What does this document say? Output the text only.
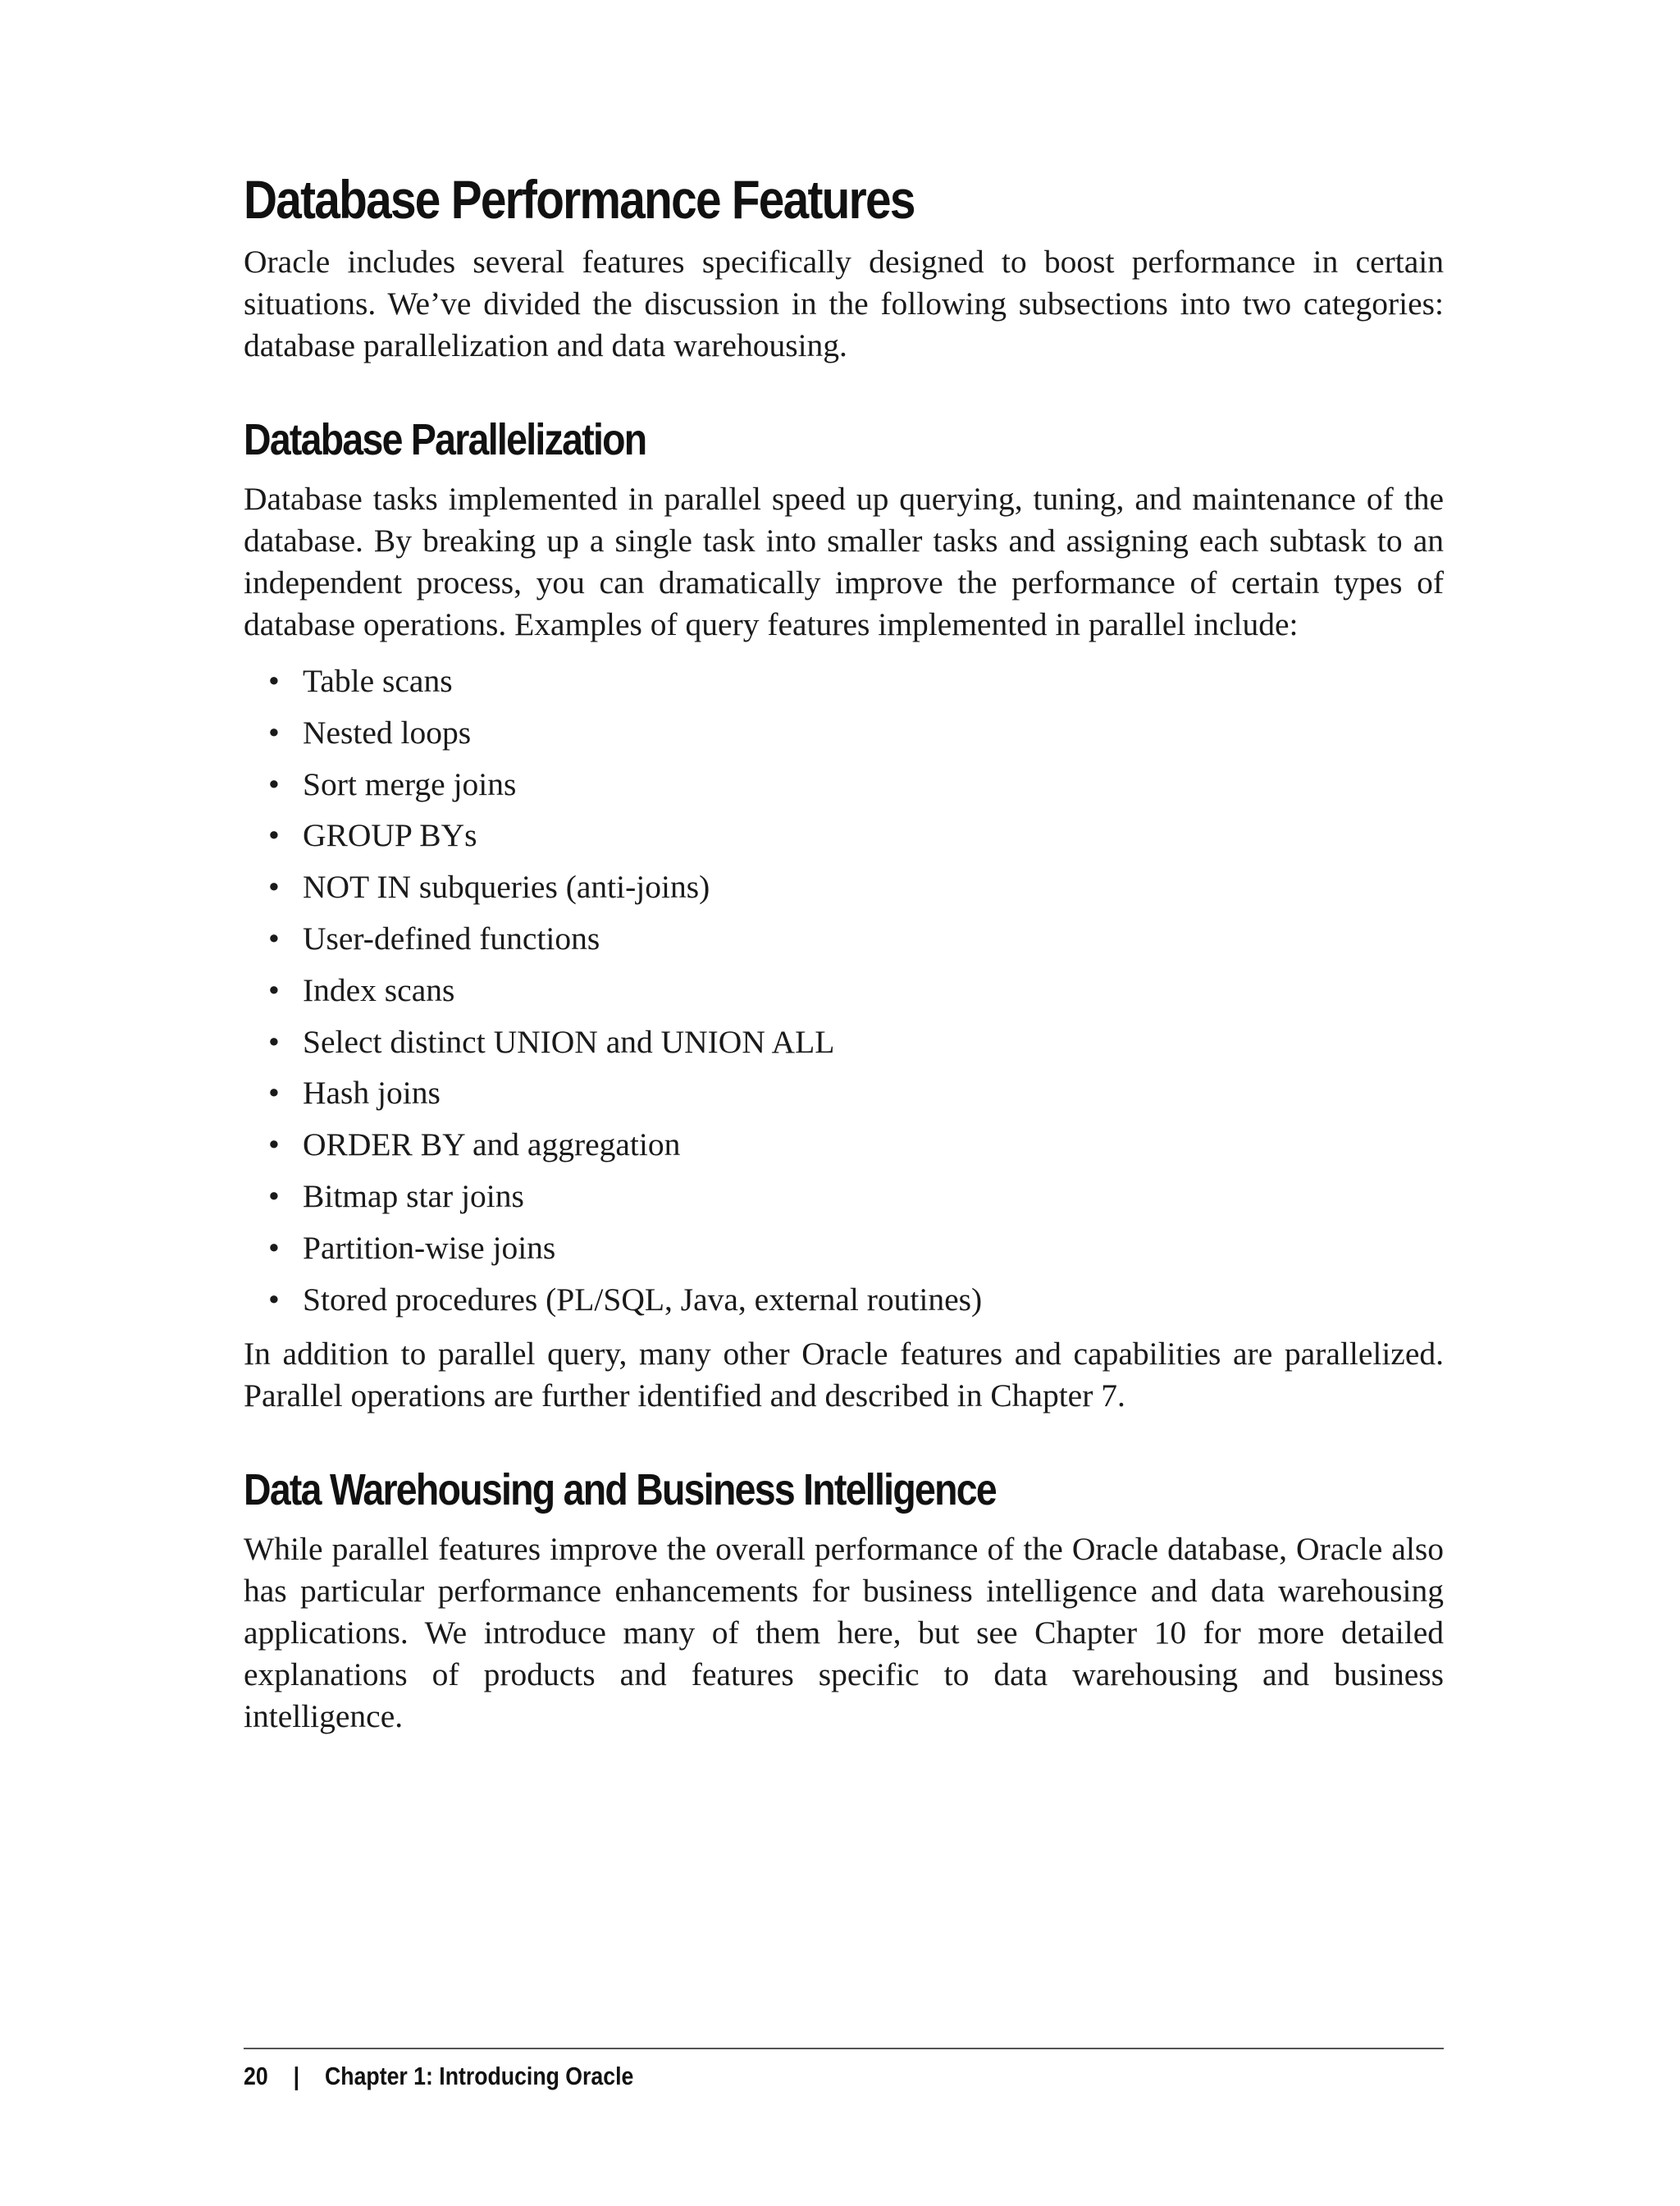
Database Performance Features

Oracle includes several features specifically designed to boost performance in certain situations. We’ve divided the discussion in the following subsections into two categories: database parallelization and data warehousing.

Database Parallelization

Database tasks implemented in parallel speed up querying, tuning, and maintenance of the database. By breaking up a single task into smaller tasks and assigning each subtask to an independent process, you can dramatically improve the performance of certain types of database operations. Examples of query features implemented in parallel include:

• Table scans
• Nested loops
• Sort merge joins
• GROUP BYs
• NOT IN subqueries (anti-joins)
• User-defined functions
• Index scans
• Select distinct UNION and UNION ALL
• Hash joins
• ORDER BY and aggregation
• Bitmap star joins
• Partition-wise joins
• Stored procedures (PL/SQL, Java, external routines)

In addition to parallel query, many other Oracle features and capabilities are parallelized. Parallel operations are further identified and described in Chapter 7.

Data Warehousing and Business Intelligence

While parallel features improve the overall performance of the Oracle database, Oracle also has particular performance enhancements for business intelligence and data warehousing applications. We introduce many of them here, but see Chapter 10 for more detailed explanations of products and features specific to data warehousing and business intelligence.

20 | Chapter 1: Introducing Oracle
